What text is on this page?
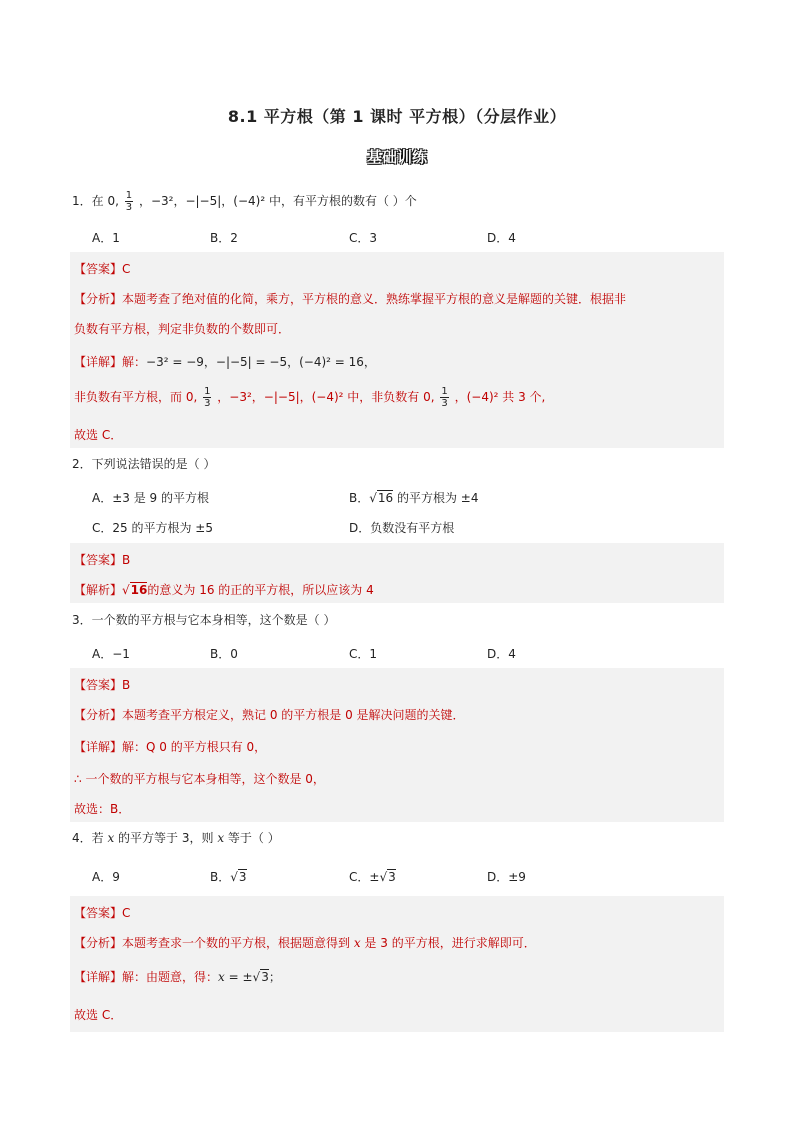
8.1 平方根（第 1 课时 平方根）（分层作业）
基础训练
1．在 0, $\frac{1}{3}$ ，−3²，−|−5|，(−4)² 中，有平方根的数有（ ）个
A．1	B．2	C．3	D．4
【答案】C
【分析】本题考查了绝对值的化简，乘方，平方根的意义．熟练掌握平方根的意义是解题的关键．根据非
负数有平方根，判定非负数的个数即可．
【详解】解：−3² = −9，−|−5| = −5，(−4)² = 16，
非负数有平方根，而 0, $\frac{1}{3}$ ，−3²，−|−5|，(−4)² 中，非负数有 0, $\frac{1}{3}$ ，(−4)² 共 3 个,
故选 C．
2．下列说法错误的是（ ）
A．±3 是 9 的平方根	B．√16 的平方根为 ±4
C．25 的平方根为 ±5	D．负数没有平方根
【答案】B
【解析】√16的意义为 16 的正的平方根，所以应该为 4
3．一个数的平方根与它本身相等，这个数是（ ）
A．−1	B．0	C．1	D．4
【答案】B
【分析】本题考查平方根定义，熟记 0 的平方根是 0 是解决问题的关键．
【详解】解：Q 0 的平方根只有 0，
∴ 一个数的平方根与它本身相等，这个数是 0，
故选：B．
4．若 x 的平方等于 3，则 x 等于（ ）
A．9	B．√3	C．±√3	D．±9
【答案】C
【分析】本题考查求一个数的平方根，根据题意得到 x 是 3 的平方根，进行求解即可．
【详解】解：由题意，得：x = ±√3；
故选 C．
